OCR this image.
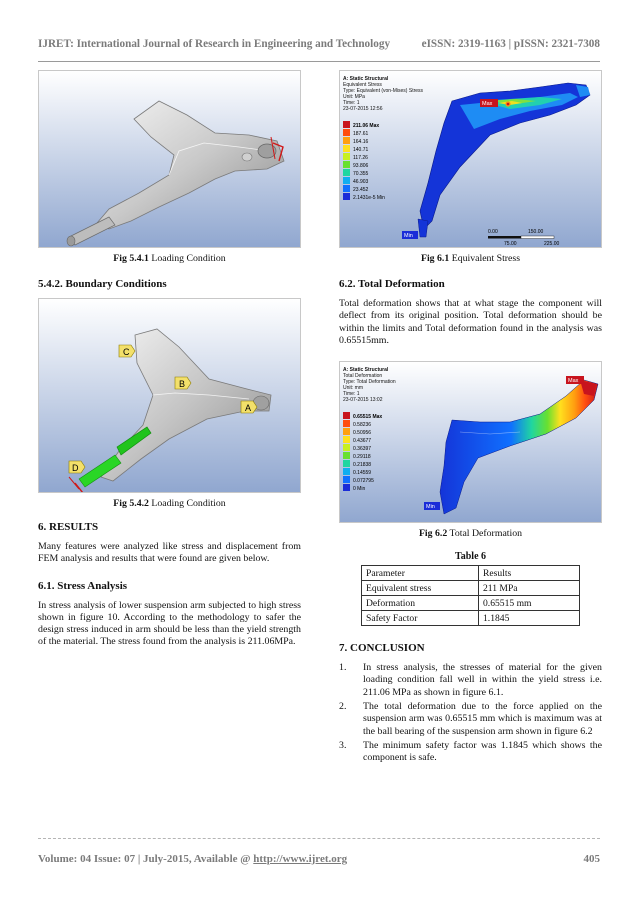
IJRET: International Journal of Research in Engineering and Technology	eISSN: 2319-1163 | pISSN: 2321-7308
Fig 5.4.1 Loading Condition
5.4.2. Boundary Conditions
C
B
A
D
Fig 5.4.2 Loading Condition
6. RESULTS

Many features were analyzed like stress and displacement from FEM analysis and results that were found are given below.

6.1. Stress Analysis

In stress analysis of lower suspension arm subjected to high stress shown in figure 10. According to the methodology to safer the design stress induced in arm should be less than the yield strength of the material. The stress found from the analysis is 211.06MPa.

A: Static Structural
Equivalent Stress
Type: Equivalent (von-Mises) Stress
Unit: MPa
Time: 1
23-07-2015 12:56
211.06 Max
187.61
164.16
140.71
117.26
93.806
70.355
46.903
23.452
2.1431e-5 Min
Max
Min
0.00	150.00
75.00	225.00
Fig 6.1 Equivalent Stress
6.2. Total Deformation

Total deformation shows that at what stage the component will deflect from its original position. Total deformation should be within the limits and Total deformation found in the analysis was 0.65515mm.

A: Static Structural
Total Deformation
Type: Total Deformation
Unit: mm
Time: 1
23-07-2015 13:02
0.65515 Max
0.58236
0.50956
0.43677
0.36397
0.29118
0.21838
0.14559
0.072795
0 Min
Max
Min
Fig 6.2 Total Deformation
Table 6
Parameter	Results
Equivalent stress	211 MPa
Deformation	0.65515 mm
Safety Factor	1.1845
7. CONCLUSION
1. In stress analysis, the stresses of material for the given loading condition fall well in within the yield stress i.e. 211.06 MPa as shown in figure 6.1.
2. The total deformation due to the force applied on the suspension arm was 0.65515 mm which is maximum was at the ball bearing of the suspension arm shown in figure 6.2
3. The minimum safety factor was 1.1845 which shows the component is safe.
Volume: 04 Issue: 07 | July-2015, Available @ http://www.ijret.org	405
